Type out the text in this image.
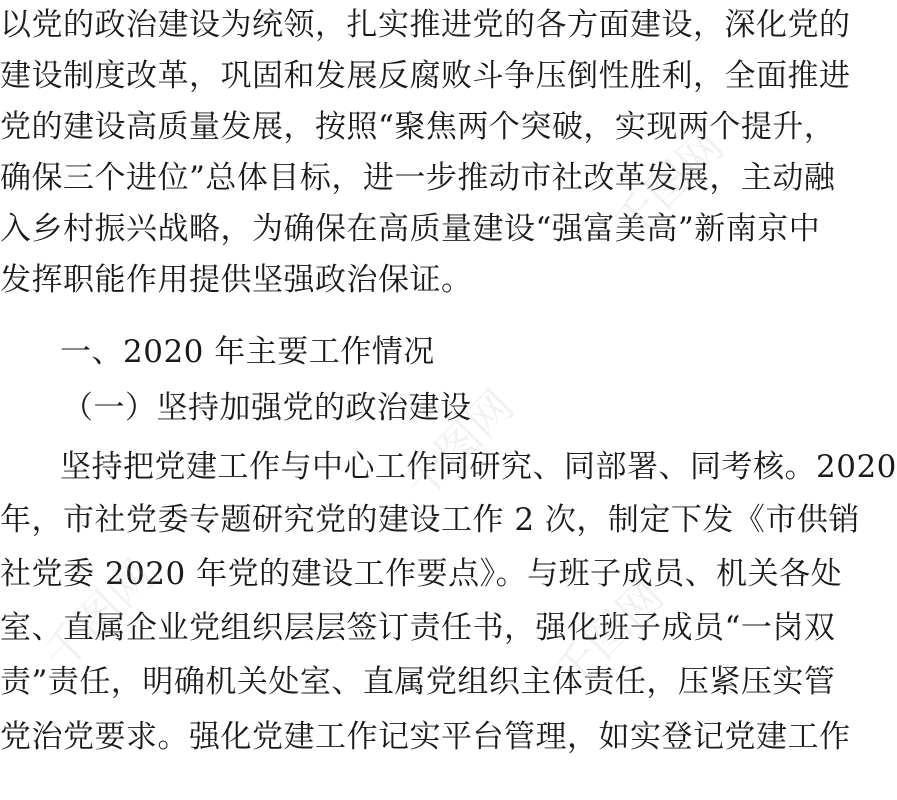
以党的政治建设为统领，扎实推进党的各方面建设，深化党的
建设制度改革，巩固和发展反腐败斗争压倒性胜利，全面推进
党的建设高质量发展，按照“聚焦两个突破，实现两个提升，
确保三个进位”总体目标，进一步推动市社改革发展，主动融
入乡村振兴战略，为确保在高质量建设“强富美高”新南京中
发挥职能作用提供坚强政治保证。
一、2020 年主要工作情况
（一）坚持加强党的政治建设
坚持把党建工作与中心工作同研究、同部署、同考核。2020
年，市社党委专题研究党的建设工作 2 次，制定下发《市供销
社党委 2020 年党的建设工作要点》。与班子成员、机关各处
室、直属企业党组织层层签订责任书，强化班子成员“一岗双
责”责任，明确机关处室、直属党组织主体责任，压紧压实管
党治党要求。强化党建工作记实平台管理，如实登记党建工作
千图网
千图网
千图网	千图网
